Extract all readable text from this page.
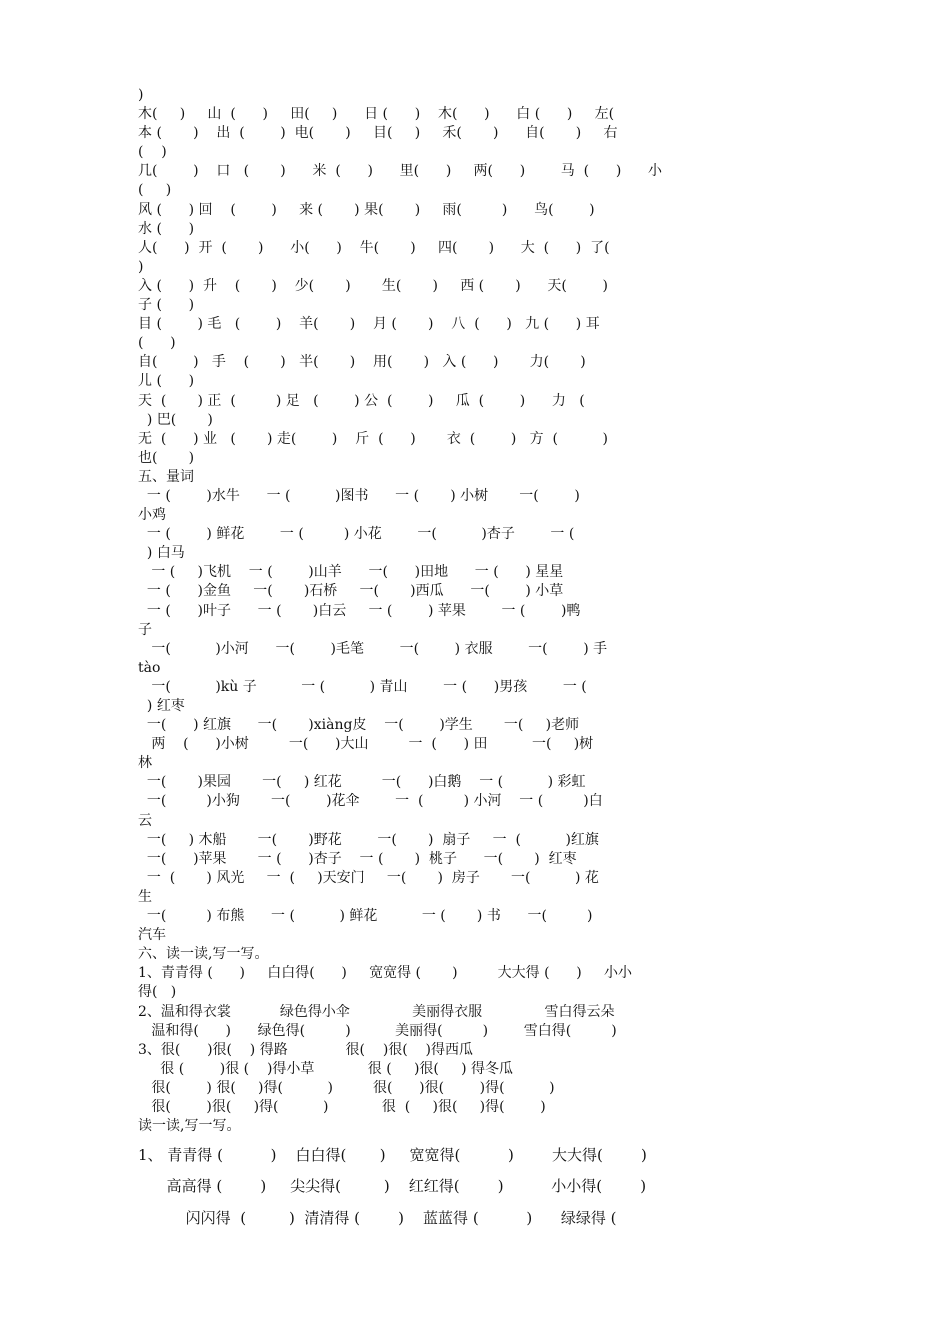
)
木(     )     山  (      )     田(     )      日 (      )    木(      )      白 (      )     左(
本 (       )    出  (        )  电(       )     目(     )     禾(       )      自(       )     右
(    )
几(        )    口   (       )      米  (      )      里(      )     两(      )        马  (      )      小
(     )
风 (      ) 回    (        )     来 (       ) 果(       )     雨(         )      鸟(        )
水 (      )
人(      )  开  (       )      小(      )    牛(       )     四(       )      大  (      )  了(
)
入 (      )  升    (       )    少(       )       生(       )     西 (       )      天(        )
子 (      )
目 (        ) 毛   (        )    羊(       )    月 (       )    八  (      )   九 (      ) 耳
(      )
自(        )   手    (       )   半(       )    用(       )   入 (      )       力(       )
儿 (      )
天  (       ) 正  (         ) 足   (        ) 公  (        )     瓜  (        )      力   (
) 巴(       )
无  (      ) 业   (       ) 走(        )    斤  (      )       衣  (        )   方  (          )
也(       )
五、量词
一 (        )水牛      一 (          )图书      一 (       ) 小树       一(        )
小鸡
一 (        ) 鲜花        一 (         ) 小花        一(          )杏子        一 (
) 白马
一 (     )飞机    一 (        )山羊      一(      )田地      一 (      ) 星星
一 (      )金鱼     一(       )石桥     一(       )西瓜      一(        ) 小草
一 (      )叶子      一 (       )白云     一 (        ) 苹果        一 (        )鸭
子
一(          )小河      一(        )毛笔        一(        ) 衣服        一(        ) 手
tào
一(          )kù 子          一 (          ) 青山        一 (      )男孩        一 (
) 红枣
一(      ) 红旗      一(       )xiàng皮    一(        )学生       一(     )老师
两    (      )小树         一(      )大山         一  (      ) 田          一(     )树
林
一(       )果园       一(     ) 红花         一(      )白鹅    一 (          ) 彩虹
一(         )小狗       一(        )花伞        一  (         ) 小河    一 (         )白
云
一(     ) 木船       一(       )野花        一(       )  扇子     一  (          )红旗
一(      )苹果       一 (      )杏子    一 (       )  桃子      一(       )  红枣
一  (       ) 风光     一  (     )天安门     一(       )  房子       一(          ) 花
生
一(         ) 布熊      一 (          ) 鲜花          一 (       ) 书      一(         )
汽车
六、读一读,写一写。
1、青青得 (      )     白白得(      )     宽宽得 (       )         大大得 (      )     小小
得(   )
2、温和得衣裳           绿色得小伞              美丽得衣服              雪白得云朵
温和得(      )      绿色得(         )          美丽得(         )        雪白得(         )
3、很(      )很(    ) 得路             很(    )很(    )得西瓜
很 (        )很 (    )得小草            很 (     )很(     ) 得冬瓜
很(        ) 很(     )得(          )         很(      )很(        )得(          )
很(        )很(     )得(          )            很  (     )很(     )得(        )
读一读,写一写。
1、 青青得 (          )    白白得(       )     宽宽得(          )        大大得(        )
高高得 (        )     尖尖得(         )    红红得(        )          小小得(        )
闪闪得  (         )  清清得 (        )    蓝蓝得 (          )      绿绿得 (
